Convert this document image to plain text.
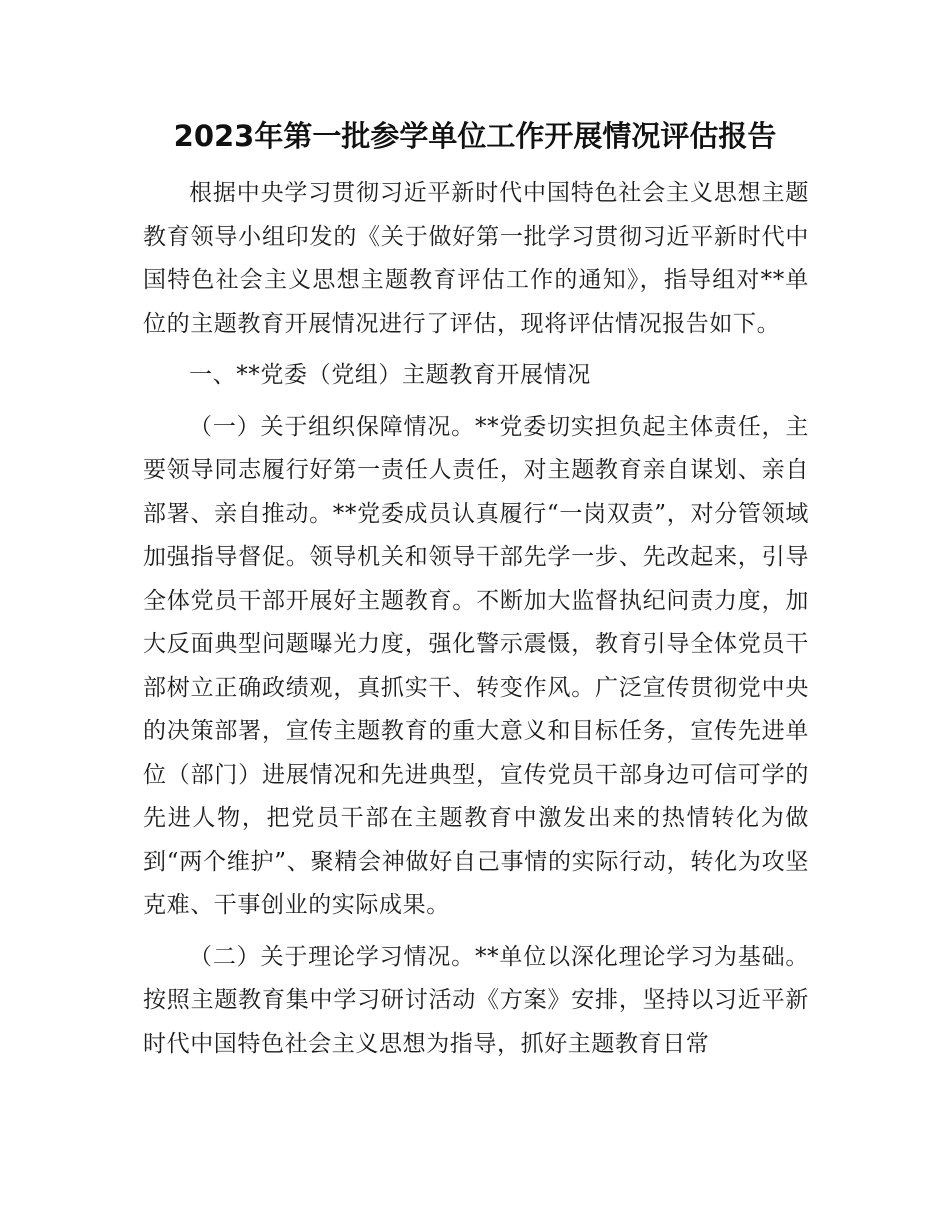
2023年第一批参学单位工作开展情况评估报告

根据中央学习贯彻习近平新时代中国特色社会主义思想主题教育领导小组印发的《关于做好第一批学习贯彻习近平新时代中国特色社会主义思想主题教育评估工作的通知》，指导组对**单位的主题教育开展情况进行了评估，现将评估情况报告如下。

一、**党委（党组）主题教育开展情况

（一）关于组织保障情况。**党委切实担负起主体责任，主要领导同志履行好第一责任人责任，对主题教育亲自谋划、亲自部署、亲自推动。**党委成员认真履行“一岗双责”，对分管领域加强指导督促。领导机关和领导干部先学一步、先改起来，引导全体党员干部开展好主题教育。不断加大监督执纪问责力度，加大反面典型问题曝光力度，强化警示震慑，教育引导全体党员干部树立正确政绩观，真抓实干、转变作风。广泛宣传贯彻党中央的决策部署，宣传主题教育的重大意义和目标任务，宣传先进单位（部门）进展情况和先进典型，宣传党员干部身边可信可学的先进人物，把党员干部在主题教育中激发出来的热情转化为做到“两个维护”、聚精会神做好自己事情的实际行动，转化为攻坚克难、干事创业的实际成果。

（二）关于理论学习情况。**单位以深化理论学习为基础。按照主题教育集中学习研讨活动《方案》安排，坚持以习近平新时代中国特色社会主义思想为指导，抓好主题教育日常
